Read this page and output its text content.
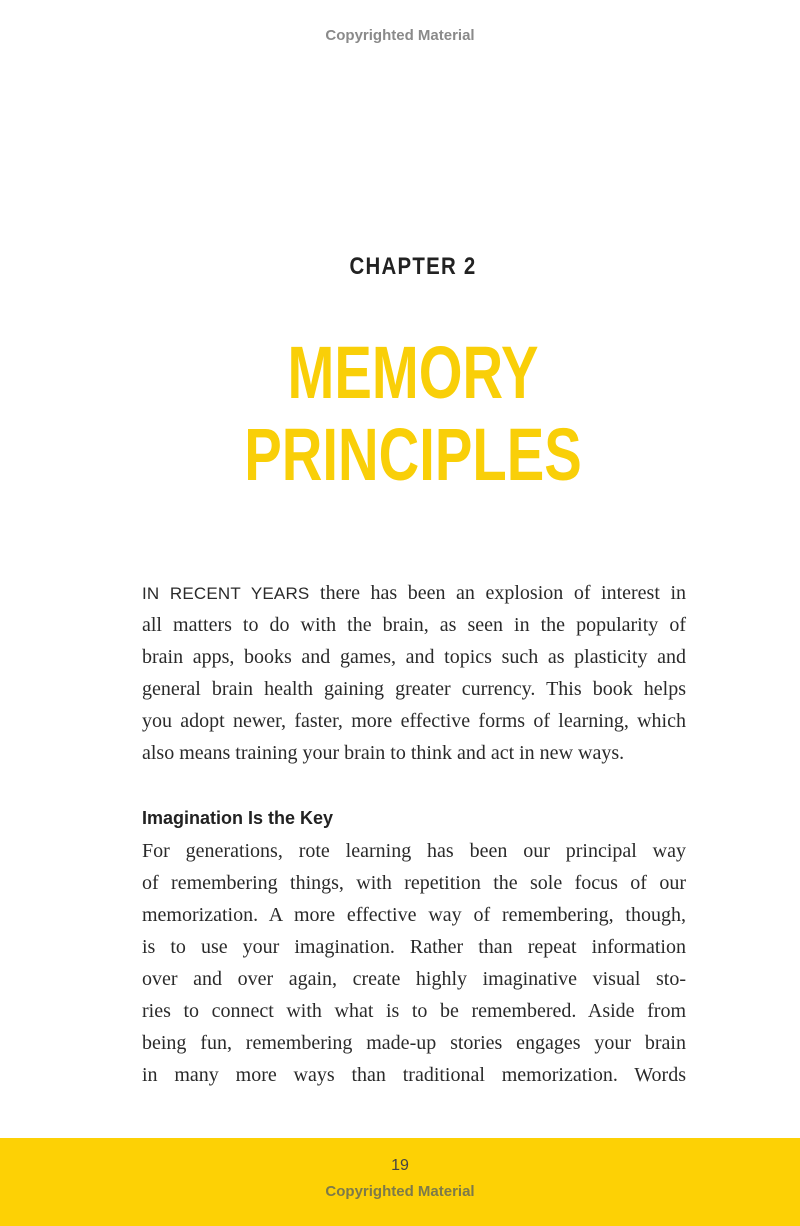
Copyrighted Material
CHAPTER 2
MEMORY
PRINCIPLES
IN RECENT YEARS there has been an explosion of interest in
all matters to do with the brain, as seen in the popularity of
brain apps, books and games, and topics such as plasticity and
general brain health gaining greater currency. This book helps
you adopt newer, faster, more effective forms of learning, which
also means training your brain to think and act in new ways.
Imagination Is the Key
For generations, rote learning has been our principal way
of remembering things, with repetition the sole focus of our
memorization. A more effective way of remembering, though,
is to use your imagination. Rather than repeat information
over and over again, create highly imaginative visual sto-
ries to connect with what is to be remembered. Aside from
being fun, remembering made-up stories engages your brain
in many more ways than traditional memorization. Words
19
Copyrighted Material
